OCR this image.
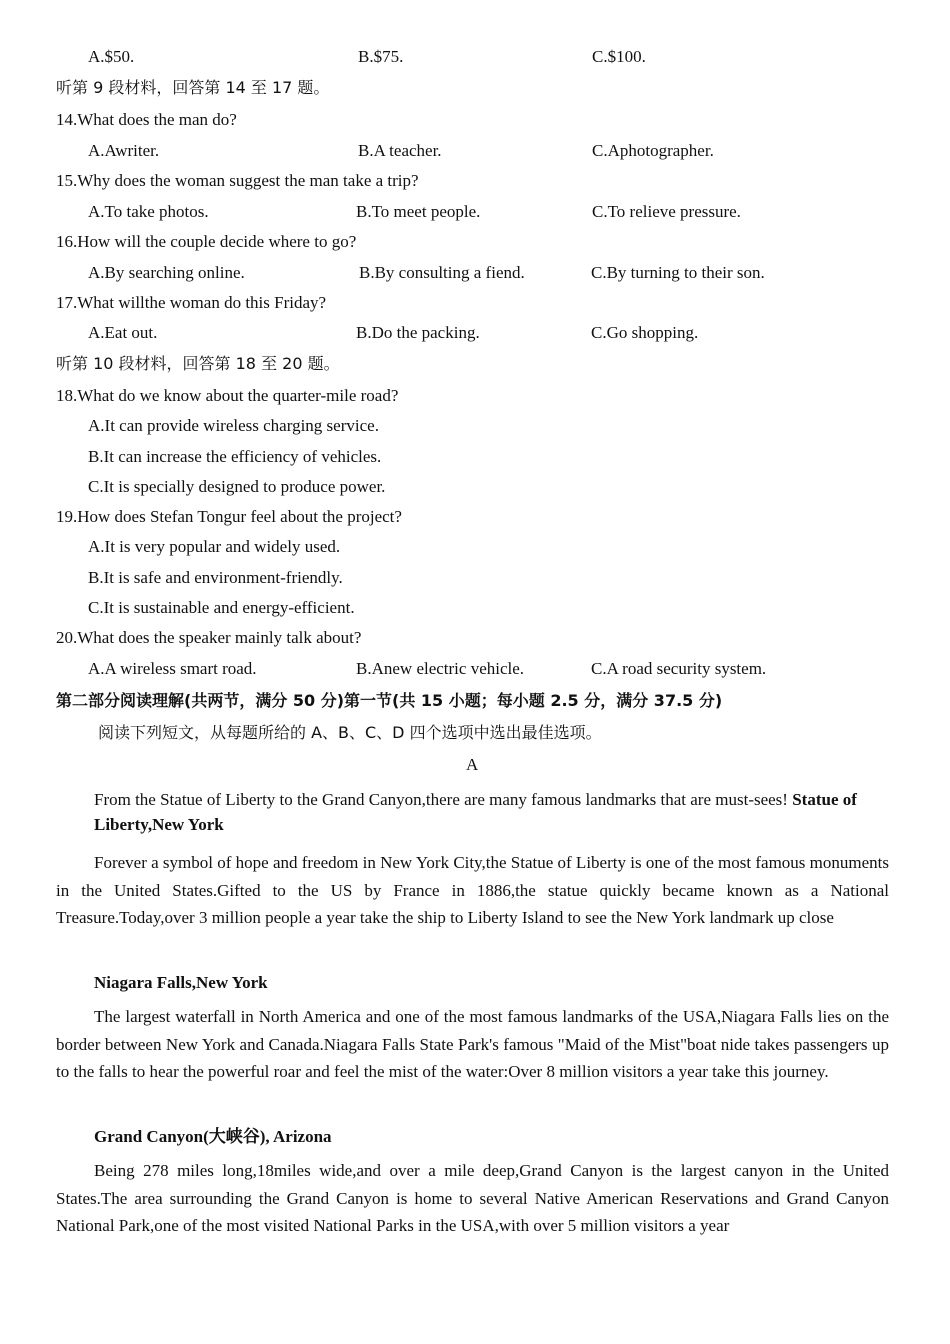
A.$50.	B.$75.	C.$100.
听第 9 段材料，回答第 14 至 17 题。
14.What does the man do?
A.Awriter.	B.A teacher.	C.Aphotographer.
15.Why does the woman suggest the man take a trip?
A.To take photos.	B.To meet people.	C.To relieve pressure.
16.How will the couple decide where to go?
A.By searching online.	B.By consulting a fiend.	C.By turning to their son.
17.What willthe woman do this Friday?
A.Eat out.	B.Do the packing.	C.Go shopping.
听第 10 段材料，回答第 18 至 20 题。
18.What do we know about the quarter-mile road?
A.It can provide wireless charging service.
B.It can increase the efficiency of vehicles.
C.It is specially designed to produce power.
19.How does Stefan Tongur feel about the project?
A.It is very popular and widely used.
B.It is safe and environment-friendly.
C.It is sustainable and energy-efficient.
20.What does the speaker mainly talk about?
A.A wireless smart road.	B.Anew electric vehicle.	C.A road security system.
第二部分阅读理解(共两节，满分 50 分)第一节(共 15 小题；每小题 2.5 分，满分 37.5 分)
阅读下列短文，从每题所给的 A、B、C、D 四个选项中选出最佳选项。
A

From the Statue of Liberty to the Grand Canyon,there are many famous landmarks that are must-sees! Statue of Liberty,New York

Forever a symbol of hope and freedom in New York City,the Statue of Liberty is one of the most famous monuments in the United States.Gifted to the US by France in 1886,the statue quickly became known as a National Treasure.Today,over 3 million people a year take the ship to Liberty Island to see the New York landmark up close

Niagara Falls,New York

The largest waterfall in North America and one of the most famous landmarks of the USA,Niagara Falls lies on the border between New York and Canada.Niagara Falls State Park's famous "Maid of the Mist"boat nide takes passengers up to the falls to hear the powerful roar and feel the mist of the water:Over 8 million visitors a year take this journey.

Grand Canyon(大峡谷), Arizona

Being 278 miles long,18miles wide,and over a mile deep,Grand Canyon is the largest canyon in the United States.The area surrounding the Grand Canyon is home to several Native American Reservations and Grand Canyon National Park,one of the most visited National Parks in the USA,with over 5 million visitors a year
